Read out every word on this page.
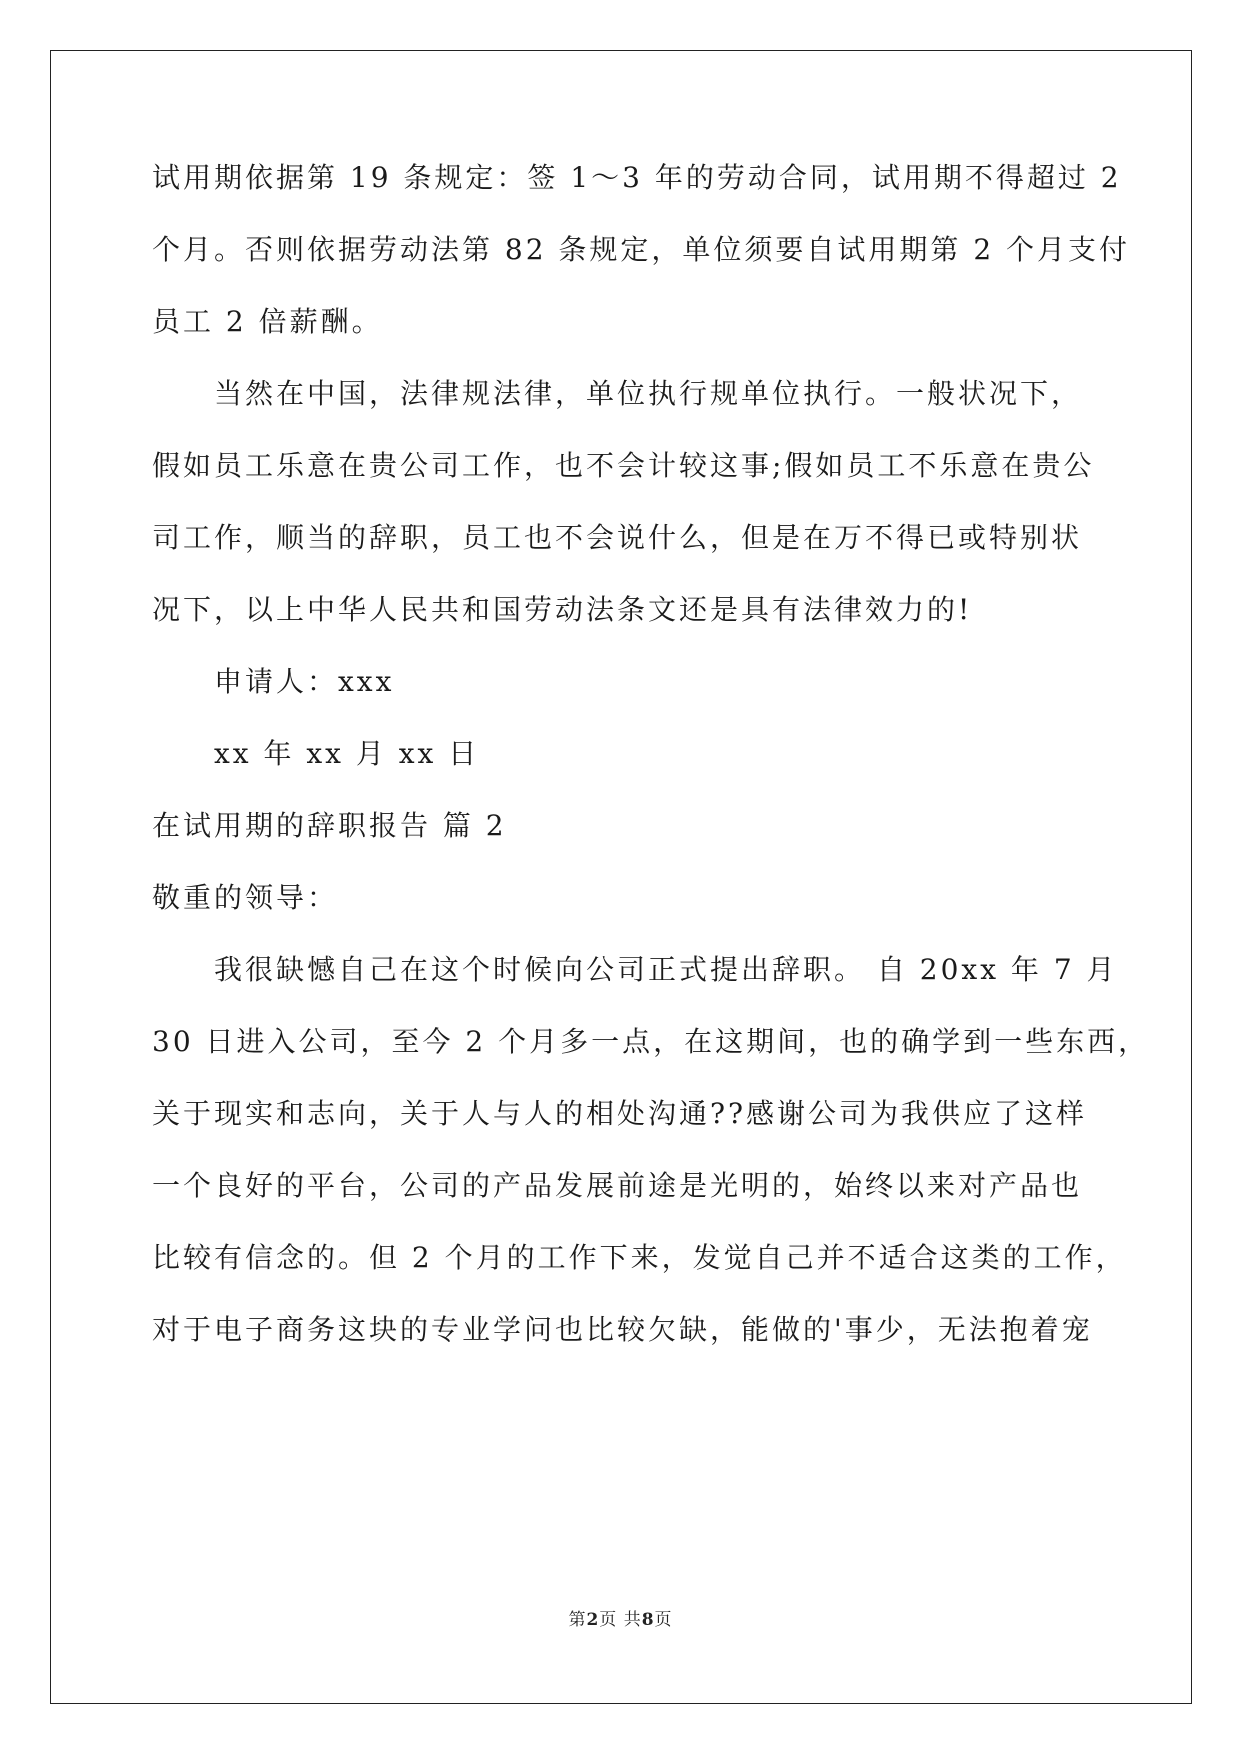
试用期依据第 19 条规定：签 1～3 年的劳动合同，试用期不得超过 2
个月。否则依据劳动法第 82 条规定，单位须要自试用期第 2 个月支付
员工 2 倍薪酬。
当然在中国，法律规法律，单位执行规单位执行。一般状况下，
假如员工乐意在贵公司工作，也不会计较这事;假如员工不乐意在贵公
司工作，顺当的辞职，员工也不会说什么，但是在万不得已或特别状
况下，以上中华人民共和国劳动法条文还是具有法律效力的!
申请人：xxx
xx 年 xx 月 xx 日
在试用期的辞职报告 篇 2
敬重的领导：
我很缺憾自己在这个时候向公司正式提出辞职。 自 20xx 年 7 月
30 日进入公司，至今 2 个月多一点，在这期间，也的确学到一些东西，
关于现实和志向，关于人与人的相处沟通??感谢公司为我供应了这样
一个良好的平台，公司的产品发展前途是光明的，始终以来对产品也
比较有信念的。但 2 个月的工作下来，发觉自己并不适合这类的工作，
对于电子商务这块的专业学问也比较欠缺，能做的'事少，无法抱着宠
第2页 共8页
